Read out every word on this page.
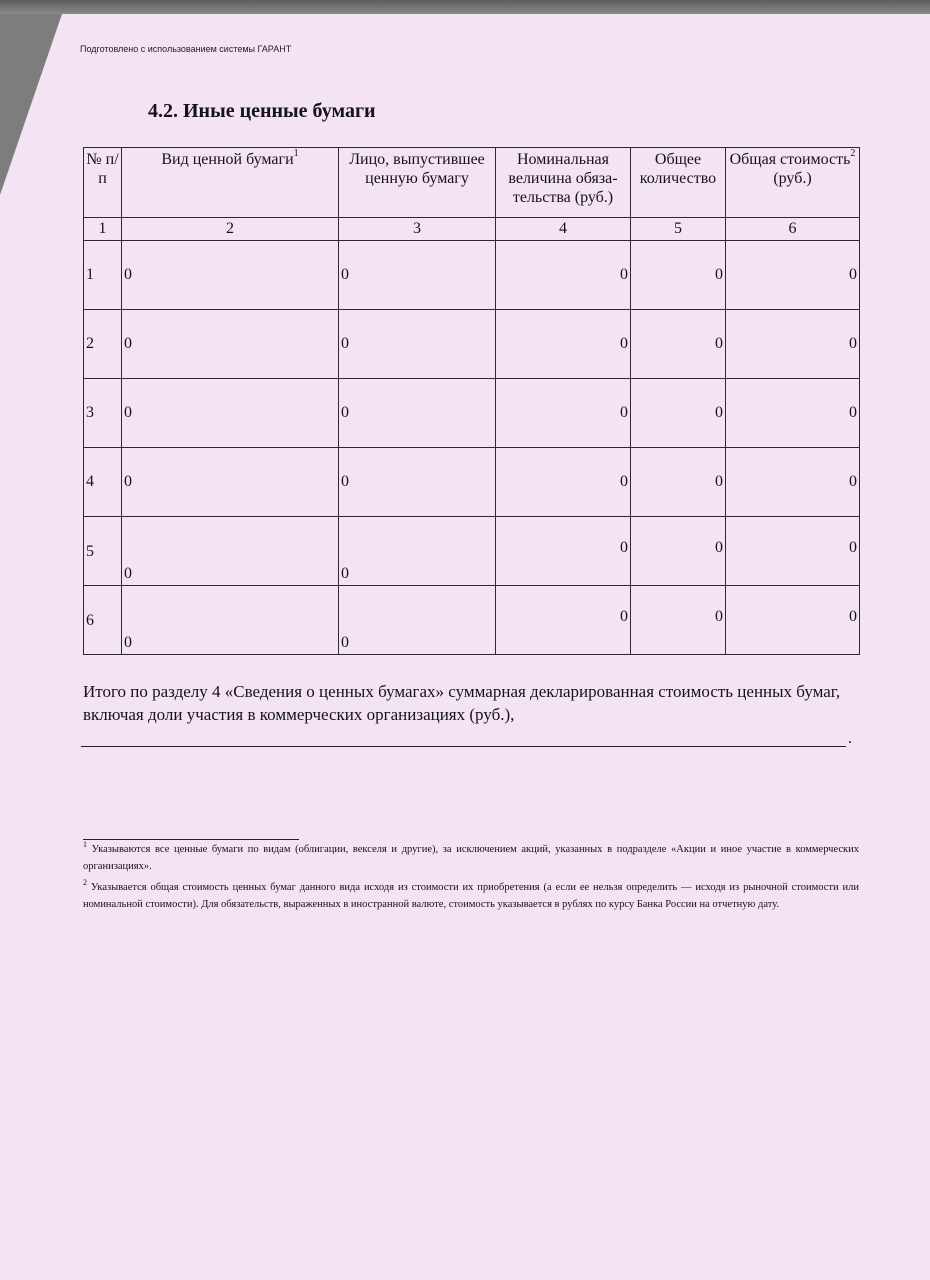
Подготовлено с использованием системы ГАРАНТ
4.2. Иные ценные бумаги
№ п/п	Вид ценной бумаги$^1$	Лицо, выпустившее ценную бумагу	Номинальная величина обяза-тельства (руб.)	Общее количество	Общая стоимость$^2$
(руб.)
1	2	3	4	5	6
1	0	0	0	0	0
2	0	0	0	0	0
3	0	0	0	0	0
4	0	0	0	0	0
5	0	0	0	0	0
6	0	0	0	0	0
Итого по разделу 4 «Сведения о ценных бумагах» суммарная декларированная стоимость ценных бумаг, включая доли участия в коммерческих организациях (руб.),
.

$^1$ Указываются все ценные бумаги по видам (облигации, векселя и другие), за исключением акций, указанных в подразделе «Акции и иное участие в коммерческих организациях».

$^2$ Указывается общая стоимость ценных бумаг данного вида исходя из стоимости их приобретения (а если ее нельзя определить — исходя из рыночной стоимости или номинальной стоимости). Для обязательств, выраженных в иностранной валюте, стоимость указывается в рублях по курсу Банка России на отчетную дату.
